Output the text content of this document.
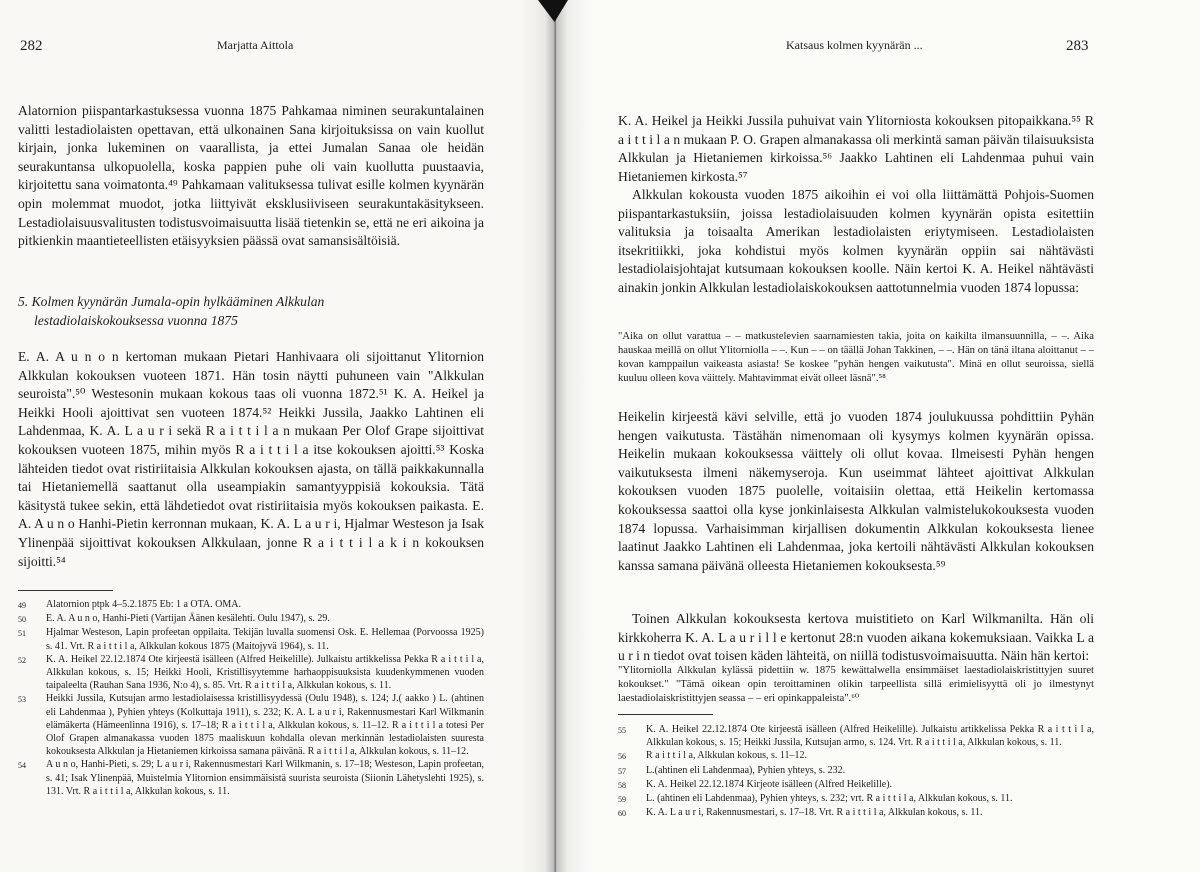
282	Marjatta Aittola

Alatornion piispantarkastuksessa vuonna 1875 Pahkamaa niminen seurakuntalainen valitti lestadiolaisten opettavan, että ulkonainen Sana kirjoituksissa on vain kuollut kirjain, jonka lukeminen on vaarallista, ja ettei Jumalan Sanaa ole heidän seurakuntansa ulkopuolella, koska pappien puhe oli vain kuollutta puustaavia, kirjoitettu sana voimatonta.⁴⁹ Pahkamaan valituksessa tulivat esille kolmen kyynärän opin molemmat muodot, jotka liittyivät eksklusiiviseen seurakuntakäsitykseen. Lestadiolaisuusvalitusten todistusvoimaisuutta lisää tietenkin se, että ne eri aikoina ja pitkienkin maantieteellisten etäisyyksien päässä ovat samansisältöisiä.

5. Kolmen kyynärän Jumala-opin hylkääminen Alkkulan
lestadiolaiskokouksessa vuonna 1875

E. A. A u n o n kertoman mukaan Pietari Hanhivaara oli sijoittanut Ylitornion Alkkulan kokouksen vuoteen 1871. Hän tosin näytti puhuneen vain "Alkkulan seuroista".⁵⁰ Westesonin mukaan kokous taas oli vuonna 1872.⁵¹ K. A. Heikel ja Heikki Hooli ajoittivat sen vuoteen 1874.⁵² Heikki Jussila, Jaakko Lahtinen eli Lahdenmaa, K. A. L a u r i sekä R a i t t i l a n mukaan Per Olof Grape sijoittivat kokouksen vuoteen 1875, mihin myös R a i t t i l a itse kokouksen ajoitti.⁵³ Koska lähteiden tiedot ovat ristiriitaisia Alkkulan kokouksen ajasta, on tällä paikkakunnalla tai Hietaniemellä saattanut olla useampiakin samantyyppisiä kokouksia. Tätä käsitystä tukee sekin, että lähdetiedot ovat ristiriitaisia myös kokouksen paikasta. E. A. A u n o Hanhi-Pietin kerronnan mukaan, K. A. L a u r i, Hjalmar Westeson ja Isak Ylinenpää sijoittivat kokouksen Alkkulaan, jonne R a i t t i l a k i n kokouksen sijoitti.⁵⁴

49	Alatornion ptpk 4–5.2.1875 Eb: 1 a OTA. OMA.
50	E. A. A u n o, Hanhi-Pieti (Vartijan Äänen kesälehti. Oulu 1947), s. 29.
51	Hjalmar Westeson, Lapin profeetan oppilaita. Tekijän luvalla suomensi Osk. E. Hellemaa (Porvoossa 1925) s. 41. Vrt. R a i t t i l a, Alkkulan kokous 1875 (Maitojyvä 1964), s. 11.
52	K. A. Heikel 22.12.1874 Ote kirjeestä isälleen (Alfred Heikelille). Julkaistu artikkelissa Pekka R a i t t i l a, Alkkulan kokous, s. 15; Heikki Hooli, Kristillisyytemme harhaoppisuuksista kuudenkymmenen vuoden taipaleelta (Rauhan Sana 1936, N:o 4), s. 85. Vrt. R a i t t i l a, Alkkulan kokous, s. 11.
53	Heikki Jussila, Kutsujan armo lestadiolaisessa kristillisyydessä (Oulu 1948), s. 124; J.( aakko ) L. (ahtinen eli Lahdenmaa ), Pyhien yhteys (Kolkuttaja 1911), s. 232; K. A. L a u r i, Rakennusmestari Karl Wilkmanin elämäkerta (Hämeenlinna 1916), s. 17–18; R a i t t i l a, Alkkulan kokous, s. 11–12. R a i t t i l a totesi Per Olof Grapen almanakassa vuoden 1875 maaliskuun kohdalla olevan merkinnän lestadiolaisten suuresta kokouksesta Alkkulan ja Hietaniemen kirkoissa samana päivänä. R a i t t i l a, Alkkulan kokous, s. 11–12.
54	A u n o, Hanhi-Pieti, s. 29; L a u r i, Rakennusmestari Karl Wilkmanin, s. 17–18; Westeson, Lapin profeetan, s. 41; Isak Ylinenpää, Muistelmia Ylitornion ensimmäisistä suurista seuroista (Siionin Lähetyslehti 1925), s. 131. Vrt. R a i t t i l a, Alkkulan kokous, s. 11.
Katsaus kolmen kyynärän ...	283

K. A. Heikel ja Heikki Jussila puhuivat vain Ylitorniosta kokouksen pitopaikkana.⁵⁵ R a i t t i l a n mukaan P. O. Grapen almanakassa oli merkintä saman päivän tilaisuuksista Alkkulan ja Hietaniemen kirkoissa.⁵⁶ Jaakko Lahtinen eli Lahdenmaa puhui vain Hietaniemen kirkosta.⁵⁷

Alkkulan kokousta vuoden 1875 aikoihin ei voi olla liittämättä Pohjois-Suomen piispantarkastuksiin, joissa lestadiolaisuuden kolmen kyynärän opista esitettiin valituksia ja toisaalta Amerikan lestadiolaisten eriytymiseen. Lestadiolaisten itsekritiikki, joka kohdistui myös kolmen kyynärän oppiin sai nähtävästi lestadiolaisjohtajat kutsumaan kokouksen koolle. Näin kertoi K. A. Heikel nähtävästi ainakin jonkin Alkkulan lestadiolaiskokouksen aattotunnelmia vuoden 1874 lopussa:

"Aika on ollut varattua – – matkustelevien saarnamiesten takia, joita on kaikilta ilmansuunnilla, – –. Aika hauskaa meillä on ollut Ylitorniolla – –. Kun – – on täällä Johan Takkinen, – –. Hän on tänä iltana aloittanut – – kovan kamppailun vaikeasta asiasta! Se koskee "pyhän hengen vaikutusta". Minä en ollut seuroissa, siellä kuuluu olleen kova väittely. Mahtavimmat eivät olleet läsnä".⁵⁸

Heikelin kirjeestä kävi selville, että jo vuoden 1874 joulukuussa pohdittiin Pyhän hengen vaikutusta. Tästähän nimenomaan oli kysymys kolmen kyynärän opissa. Heikelin mukaan kokouksessa väittely oli ollut kovaa. Ilmeisesti Pyhän hengen vaikutuksesta ilmeni näkemyseroja. Kun useimmat lähteet ajoittivat Alkkulan kokouksen vuoden 1875 puolelle, voitaisiin olettaa, että Heikelin kertomassa kokouksessa saattoi olla kyse jonkinlaisesta Alkkulan valmistelukokouksesta vuoden 1874 lopussa. Varhaisimman kirjallisen dokumentin Alkkulan kokouksesta lienee laatinut Jaakko Lahtinen eli Lahdenmaa, joka kertoili nähtävästi Alkkulan kokouksen kanssa samana päivänä olleesta Hietaniemen kokouksesta.⁵⁹

Toinen Alkkulan kokouksesta kertova muistitieto on Karl Wilkmanilta. Hän oli kirkkoherra K. A. L a u r i l l e kertonut 28:n vuoden aikana kokemuksiaan. Vaikka L a u r i n tiedot ovat toisen käden lähteitä, on niillä todistusvoimaisuutta. Näin hän kertoi:

"Ylitorniolla Alkkulan kylässä pidettiin w. 1875 kewättalwella ensimmäiset laestadiolaiskristittyjen suuret kokoukset." "Tämä oikean opin teroittaminen olikin tarpeellista sillä erimielisyyttä oli jo ilmestynyt laestadiolaiskristittyjen seassa – – eri opinkappaleista".⁶⁰

55	K. A. Heikel 22.12.1874 Ote kirjeestä isälleen (Alfred Heikelille). Julkaistu artikkelissa Pekka R a i t t i l a, Alkkulan kokous, s. 15; Heikki Jussila, Kutsujan armo, s. 124. Vrt. R a i t t i l a, Alkkulan kokous, s. 11.
56	R a i t t i l a, Alkkulan kokous, s. 11–12.
57	L.(ahtinen eli Lahdenmaa), Pyhien yhteys, s. 232.
58	K. A. Heikel 22.12.1874 Kirjeote isälleen (Alfred Heikelille).
59	L. (ahtinen eli Lahdenmaa), Pyhien yhteys, s. 232; vrt. R a i t t i l a, Alkkulan kokous, s. 11.
60	K. A. L a u r i, Rakennusmestari, s. 17–18. Vrt. R a i t t i l a, Alkkulan kokous, s. 11.
